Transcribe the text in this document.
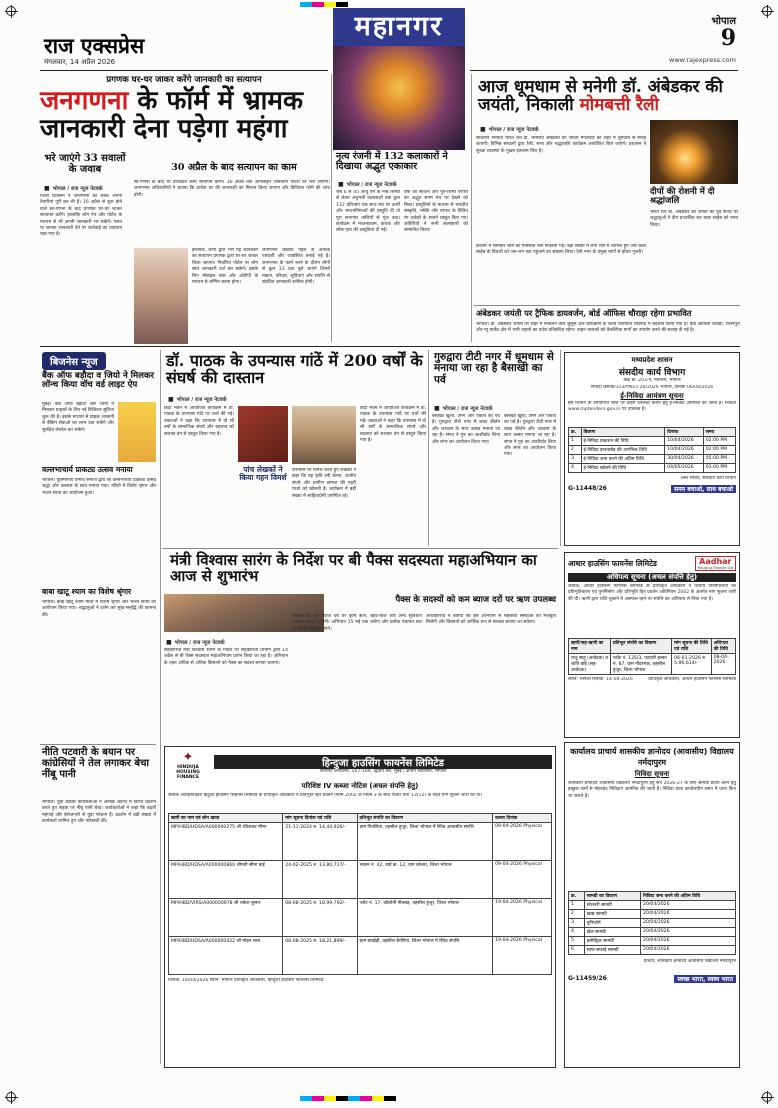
राज एक्सप्रेस
मंगलवार, 14 अप्रैल 2026
महानगर	भोपाल
9
www.rajexpress.com
प्रगणक घर-घर जाकर करेंगे जानकारी का सत्यापन
जनगणना के फॉर्म में भ्रामक जानकारी देना पड़ेगा महंगा
भरे जाएंगे 33 सवालों के जवाब
■ भोपाल / राज न्यूज नेटवर्क
जिला प्रशासन ने जनगणना को लेकर अपनी तैयारियां पूरी कर ली हैं। 16 अप्रैल से शुरू होने वाले स्व-गणना के बाद प्रगणक घर-घर जाकर सत्यापन करेंगे। हालांकि लोग ऐप और पोर्टल के माध्यम से भी अपनी जानकारी भर सकेंगे। गलत या भ्रामक जानकारी देने पर कार्रवाई का प्रावधान रखा गया है।
30 अप्रैल के बाद सत्यापन का काम
स्व-गणना के बाद भी प्रशिक्षित कर्मी सत्यापन करेंगे। 30 अप्रैल तक ऑनलाइन जानकारी पोर्टल पर भरी जाएगी। जनगणना अधिकारियों ने बताया कि प्रत्येक घर की जानकारी का मिलान किया जाएगा और डिजिटल फॉर्म की जांच होगी।
हालांकि, लोगों द्वारा भरी गई जानकारी का सत्यापन प्रगणक द्वारा घर-घर जाकर किया जाएगा। निर्धारित पोर्टल पर लोग स्वयं जानकारी दर्ज कर सकेंगे। इसके लिए मोबाइल नंबर और ओटीपी के माध्यम से लॉगिन करना होगा।
जनगणना प्रक्रिया पहले से अधिक पारदर्शी और व्यवस्थित बनाई गई है। जनगणना के फार्म भरने के दौरान लोगों से कुल 33 प्रश्न पूछे जाएंगे जिनमें मकान, परिवार, सुविधाएं और संपत्ति से संबंधित जानकारी शामिल होगी।
नृत्य रंजनी में 132 कलाकारों ने दिखाया अद्भुत एकाकार
■ भोपाल / राज न्यूज नेटवर्क
जब 6 से 45 आयु वर्ग के नन्ह शिष्यों से लेकर अनुभवी कलाकारों तक कुल 132 प्रतिभाएं एक साथ मंच पर उतरीं और भावभंगिमाओं की प्रस्तुति दी तो पूरा सभागार तालियों से गूंज उठा। कार्यक्रम में भरतनाट्यम, कथक और लोक नृत्य की प्रस्तुतियां दी गईं।
वर्षों की साधना और गुरु-शिष्य परंपरा का अद्भुत संगम मंच पर देखने को मिला। प्रस्तुतियों के माध्यम से भारतीय संस्कृति, भक्ति और परंपरा के विविध रंग दर्शकों के सामने प्रस्तुत किए गए। अतिथियों ने सभी कलाकारों को सम्मानित किया।
आज धूमधाम से मनेगी डॉ. अंबेडकर की जयंती, निकाली मोमबत्ती रैली
■ भोपाल / राज न्यूज नेटवर्क
संविधान निर्माता भारत रत्न डॉ. भीमराव अंबेडकर की जयंती मंगलवार को शहर में धूमधाम से मनाई जाएगी। विभिन्न संगठनों द्वारा रैली, सभा और श्रद्धांजलि कार्यक्रम आयोजित किए जाएंगे। प्रशासन ने सुरक्षा व्यवस्था के पुख्ता इंतजाम किए हैं।
दीपों की रोशनी में दी श्रद्धांजलि
भारत रत्न डॉ. अंबेडकर की जयंती की पूर्व संध्या पर श्रद्धालुओं ने दीप प्रज्वलित कर बाबा साहेब को नमन किया।
कोलार में सोमवार शाम को मोमबत्ती रैली निकाली गई। बड़ी संख्या में लोग रैली में शामिल हुए और बाबा साहेब के विचारों को जन-जन तक पहुंचाने का संकल्प लिया। रैली नगर के प्रमुख मार्गों से होकर गुजरी।
अंबेडकर जयंती पर ट्रैफिक डायवर्जन, बोर्ड ऑफिस चौराहा रहेगा प्रभावित
भोपाल। डॉ. अंबेडकर जयंती पर शहर में निकलने वाले जुलूस और कार्यक्रमों के चलते यातायात व्यवस्था में बदलाव किया गया है। बोर्ड ऑफिस चौराहा, रोशनपुरा और न्यू मार्केट क्षेत्र में भारी वाहनों का प्रवेश प्रतिबंधित रहेगा। वाहन चालकों को वैकल्पिक मार्गों का उपयोग करने की सलाह दी गई है।
बिजनेस न्यूज
बैंक ऑफ बड़ौदा व जियो ने मिलकर लॉन्च किया वॉच वर्ड लाइट ऐप
मुंबई। बैंक ऑफ बड़ौदा और जियो ने मिलकर ग्राहकों के लिए नई डिजिटल सुविधा शुरू की है। इसके माध्यम से ग्राहक आसानी से बैंकिंग सेवाओं का लाभ उठा सकेंगे और सुरक्षित लेनदेन कर सकेंगे।
वल्लभाचार्य प्राकट्य उत्सव मनाया
भोपाल। पुष्टिमार्गीय वैष्णव समाज द्वारा श्री वल्लभाचार्य प्राकट्य उत्सव श्रद्धा और उल्लास के साथ मनाया गया। मंदिरों में विशेष श्रृंगार और भजन संध्या का आयोजन हुआ।
बाबा खाटू श्याम का विशेष श्रृंगार
भोपाल। बाबा खाटू श्याम मंदिर में विशेष श्रृंगार और भजन संध्या का आयोजन किया गया। श्रद्धालुओं ने दर्शन कर सुख-समृद्धि की कामना की।
डॉ. पाठक के उपन्यास गांठें में 200 वर्षों के संघर्ष की दास्तान
■ भोपाल / राज न्यूज नेटवर्क
हिंदी भवन में आयोजित कार्यक्रम में डॉ. पाठक के उपन्यास गांठें पर चर्चा की गई। वक्ताओं ने कहा कि उपन्यास में दो सौ वर्षों के सामाजिक संघर्ष और बदलाव को सशक्त ढंग से प्रस्तुत किया गया है।
पांच लेखकों ने किया गहन विमर्श
उपन्यास पर विमर्श करते हुए लेखकों ने कहा कि यह कृति स्त्री चेतना, जातीय संघर्ष और ग्रामीण समाज की गहरी परतों को खोलती है। कार्यक्रम में बड़ी संख्या में साहित्यप्रेमी उपस्थित रहे।
हिंदी भवन में आयोजित कार्यक्रम में डॉ. पाठक के उपन्यास गांठें पर चर्चा की गई। वक्ताओं ने कहा कि उपन्यास में दो सौ वर्षों के सामाजिक संघर्ष और बदलाव को सशक्त ढंग से प्रस्तुत किया गया है।
गुरुद्वारा टीटी नगर में धूमधाम से मनाया जा रहा है बैसाखी का पर्व
■ भोपाल / राज न्यूज नेटवर्क
बैसाखी खुशी, उमंग और एकता का पर्व है। गुरुद्वारा टीटी नगर में शबद कीर्तन और अरदास के साथ उत्सव मनाया जा रहा है। संगत ने गुरु का आशीर्वाद लिया और लंगर का आयोजन किया गया।
बैसाखी खुशी, उमंग और एकता का पर्व है। गुरुद्वारा टीटी नगर में शबद कीर्तन और अरदास के साथ उत्सव मनाया जा रहा है। संगत ने गुरु का आशीर्वाद लिया और लंगर का आयोजन किया गया।
मध्यप्रदेश शासन
संसदीय कार्य विभाग
कक्ष क्र. 203-ए, मंत्रालय, भोपाल
निविदा क्रमांक/353/एफ15-26/2026 भोपाल, दिनांक 06/04/2026
ई-निविदा आमंत्रण सूचना
इस विभाग के उपयोगार्थ लीज पर वाहन उपलब्ध कराने हेतु ई-निविदा आमंत्रित की जाती है। निविदा www.mptenders.gov.in पर उपलब्ध है।
क्र.	विवरण	दिनांक	समय
1	ई-निविदा प्रकाशन की तिथि	10/04/2026	02:00 PM
2	ई-निविदा डाउनलोड की आरंभिक तिथि	10/04/2026	02:00 PM
3	ई-निविदा जमा करने की अंतिम तिथि	30/04/2026	05:00 PM
4	ई-निविदा खोलने की तिथि	04/05/2026	03:00 PM
अवर सचिव, संसदीय कार्य विभाग
G-11448/26	समय बचाओ, साथ बचाओ
मंत्री विश्वास सारंग के निर्देश पर बी पैक्स सदस्यता महाअभियान का आज से शुभारंभ
पैक्स के सदस्यों को कम ब्याज दरों पर ऋण उपलब्ध
■ भोपाल / राज न्यूज नेटवर्क
सहकारिता मंत्री विश्वास सारंग के निर्देश पर सहकारिता विभाग द्वारा 14 अप्रैल से बी पैक्स सदस्यता महाअभियान प्रारंभ किया जा रहा है। अभियान के तहत अधिक से अधिक किसानों को पैक्स का सदस्य बनाया जाएगा।
सदस्यों को कम ब्याज दरों पर कृषि ऋण, खाद-बीज और अन्य सुविधाएं उपलब्ध कराई जाएंगी। अभियान 15 मई तक चलेगा और प्रत्येक पंचायत स्तर पर शिविर लगाए जाएंगे।
अधिकारियों ने बताया कि इस अभियान से सहकारी संस्थाओं को मजबूती मिलेगी और किसानों को आर्थिक रूप से सशक्त बनाया जा सकेगा।
आधार हाउसिंग फायनेंस लिमिटेड	Aadhar
Housing Finance Ltd
अधिपत्य सूचना (अचल संपत्ति हेतु)
जबकि, आधार हाउसिंग फायनेंस लिमिटेड के प्राधिकृत अधिकारी ने वित्तीय परिसंपत्तियों का प्रतिभूतिकरण एवं पुनर्निर्माण और प्रतिभूति हित प्रवर्तन अधिनियम 2002 के अंतर्गत मांग सूचना जारी की थी। ऋणी द्वारा राशि चुकाने में असफल रहने पर संपत्ति का अधिपत्य ले लिया गया है।
ऋणी/सह-ऋणी का नाम	प्रतिभूत संपत्ति का विवरण	मांग सूचना की तिथि एवं राशि	अधिपत्य की तिथि
राजू साहू (आवेदक) व शांति बाई (सह-आवेदक)	प्लॉट नं. 135/3, पटवारी हल्का नं. 87, ग्राम गोंदरमऊ, तहसील हुजूर, जिला भोपाल	06-01-2026 रु. 5,96,614/-	08-04-2026
स्थान: भोपाल दिनांक: 14-04-2026	प्राधिकृत अधिकारी, आधार हाउसिंग फायनेंस लिमिटेड
नीति पटवारी के बयान पर कांग्रेसियों ने तेल लगाकर बेचा नींबू पानी
भोपाल। युवा कांग्रेस कार्यकर्ताओं ने अनोखे अंदाज में विरोध प्रदर्शन करते हुए सड़क पर नींबू पानी बेचा। कार्यकर्ताओं ने कहा कि बढ़ती महंगाई और बेरोजगारी से युवा परेशान हैं। प्रदर्शन में बड़ी संख्या में कार्यकर्ता शामिल हुए और नारेबाजी की।
✦
HINDUJA HOUSING FINANCE
हिन्दुजा हाउसिंग फायनेंस लिमिटेड
कॉर्पोरेट कार्यालय: 167-169, द्वितीय तल, मुंबई | क्षेत्रीय कार्यालय: भोपाल
परिशिष्ट IV कब्जा नोटिस (अचल संपत्ति हेतु)
जबकि अधोहस्ताक्षरी हिंदुजा हाउसिंग फाइनेंस लिमिटेड के प्राधिकृत अधिकारी ने प्रतिभूति हित प्रवर्तन नियम 2002 के नियम 3 के साथ पठित धारा 13(12) के तहत मांग सूचना जारी की थी।
ऋणी का नाम एवं लोन खाता	मांग सूचना दिनांक एवं राशि	प्रतिभूत संपत्ति का विवरण	कब्जा दिनांक
MP/HBD/HDSA/A000000275 श्री रविशंकर मीणा	21-11-2024 रु. 14,44,926/-	ग्राम पिपलिया, तहसील हुजूर, जिला भोपाल में स्थित आवासीय संपत्ति	09-04-2026 Physical
MP/HBD/HDSA/A000000860 श्रीमती सीमा बाई	24-02-2025 रु. 13,80,717/-	मकान नं. 42, वार्ड क्र. 12, ग्राम कोलार, जिला भोपाल	09-04-2026 Physical
MP/HBD/VIRS/A000000978 श्री राकेश कुमार	08-08-2025 रु. 18,99,792/-	प्लॉट नं. 17, कॉलोनी नीलबड़, तहसील हुजूर, जिला भोपाल	19-04-2026 Physical
MP/HBD/HDSA/A000000422 श्री मोहन लाल	08-08-2025 रु. 18,21,899/-	ग्राम बरखेड़ी, तहसील बैरसिया, जिला भोपाल में स्थित संपत्ति	19-04-2026 Physical
दिनांक: 14/04/2026 स्थान: भोपाल प्राधिकृत अधिकारी, हिन्दुजा हाउसिंग फायनेंस लिमिटेड
कार्यालय प्राचार्य शासकीय ज्ञानोदय (आवासीय) विद्यालय नर्मदापुरम
निविदा सूचना
शासकीय ज्ञानोदय आवासीय विद्यालय नर्मदापुरम हेतु सत्र 2026-27 के लिए सामग्री प्रदाय करने हेतु इच्छुक फर्मों से मोहरबंद निविदाएं आमंत्रित की जाती हैं। निविदा प्रपत्र कार्यालयीन समय में प्राप्त किए जा सकते हैं।
क्र.	सामग्री का विवरण	निविदा जमा करने की अंतिम तिथि
1	स्टेशनरी सामग्री	20/04/2026
2	खाद्य सामग्री	20/04/2026
3	यूनिफॉर्म	20/04/2026
4	खेल सामग्री	20/04/2026
5	इलेक्ट्रिक सामग्री	20/04/2026
6	साफ-सफाई सामग्री	20/04/2026
प्राचार्य, शासकीय ज्ञानोदय आवासीय विद्यालय नर्मदापुरम
G-11459/26	स्वच्छ भारत, स्वस्थ भारत
